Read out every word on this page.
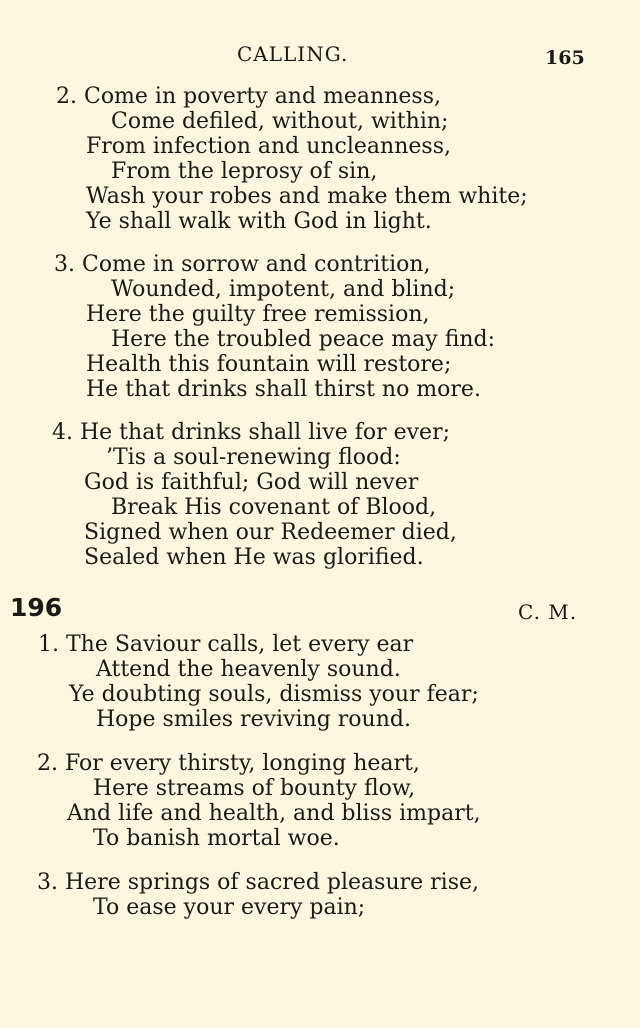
CALLING.	165
2. Come in poverty and meanness,
Come defiled, without, within;
From infection and uncleanness,
From the leprosy of sin,
Wash your robes and make them white;
Ye shall walk with God in light.
3. Come in sorrow and contrition,
Wounded, impotent, and blind;
Here the guilty free remission,
Here the troubled peace may find:
Health this fountain will restore;
He that drinks shall thirst no more.
4. He that drinks shall live for ever;
’Tis a soul-renewing flood:
God is faithful; God will never
Break His covenant of Blood,
Signed when our Redeemer died,
Sealed when He was glorified.
196	C. M.
1. The Saviour calls, let every ear
Attend the heavenly sound.
Ye doubting souls, dismiss your fear;
Hope smiles reviving round.
2. For every thirsty, longing heart,
Here streams of bounty flow,
And life and health, and bliss impart,
To banish mortal woe.
3. Here springs of sacred pleasure rise,
To ease your every pain;
